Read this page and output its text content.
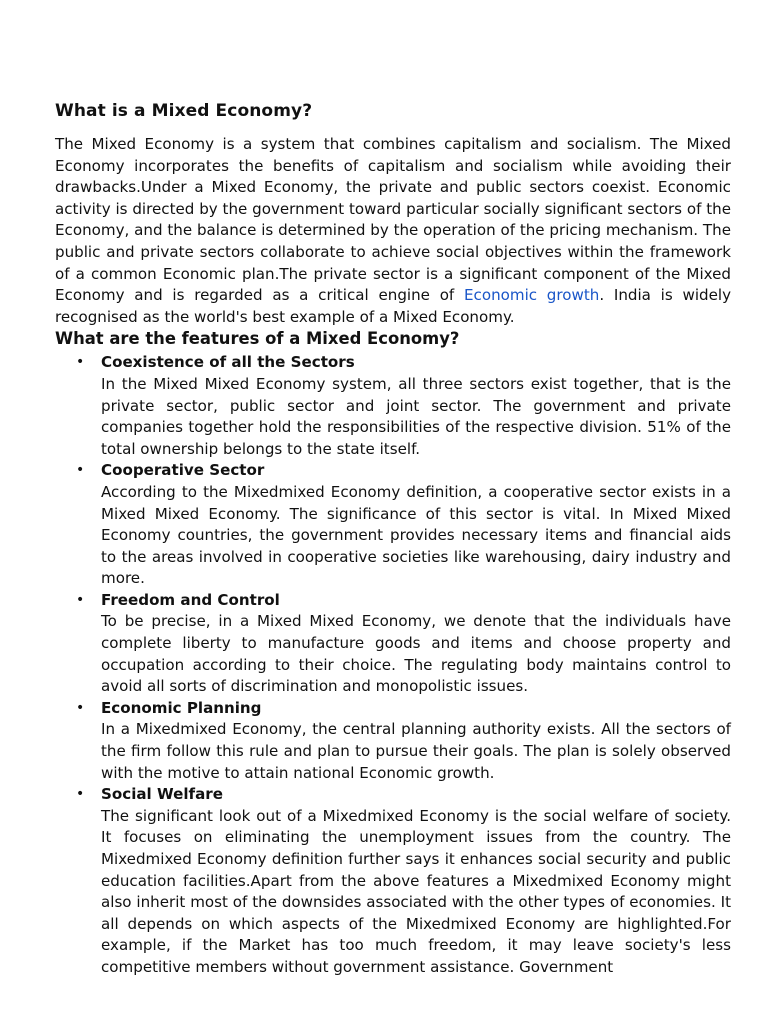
What is a Mixed Economy?

The Mixed Economy is a system that combines capitalism and socialism. The Mixed Economy incorporates the benefits of capitalism and socialism while avoiding their drawbacks.Under a Mixed Economy, the private and public sectors coexist. Economic activity is directed by the government toward particular socially significant sectors of the Economy, and the balance is determined by the operation of the pricing mechanism. The public and private sectors collaborate to achieve social objectives within the framework of a common Economic plan.The private sector is a significant component of the Mixed Economy and is regarded as a critical engine of Economic growth. India is widely recognised as the world's best example of a Mixed Economy.

What are the features of a Mixed Economy?
• Coexistence of all the Sectors
In the Mixed Mixed Economy system, all three sectors exist together, that is the private sector, public sector and joint sector. The government and private companies together hold the responsibilities of the respective division. 51% of the total ownership belongs to the state itself.
• Cooperative Sector
According to the Mixedmixed Economy definition, a cooperative sector exists in a Mixed Mixed Economy. The significance of this sector is vital. In Mixed Mixed Economy countries, the government provides necessary items and financial aids to the areas involved in cooperative societies like warehousing, dairy industry and more.
• Freedom and Control
To be precise, in a Mixed Mixed Economy, we denote that the individuals have complete liberty to manufacture goods and items and choose property and occupation according to their choice. The regulating body maintains control to avoid all sorts of discrimination and monopolistic issues.
• Economic Planning
In a Mixedmixed Economy, the central planning authority exists. All the sectors of the firm follow this rule and plan to pursue their goals. The plan is solely observed with the motive to attain national Economic growth.
• Social Welfare
The significant look out of a Mixedmixed Economy is the social welfare of society. It focuses on eliminating the unemployment issues from the country. The Mixedmixed Economy definition further says it enhances social security and public education facilities.Apart from the above features a Mixedmixed Economy might also inherit most of the downsides associated with the other types of economies. It all depends on which aspects of the Mixedmixed Economy are highlighted.For example, if the Market has too much freedom, it may leave society's less competitive members without government assistance. Government
